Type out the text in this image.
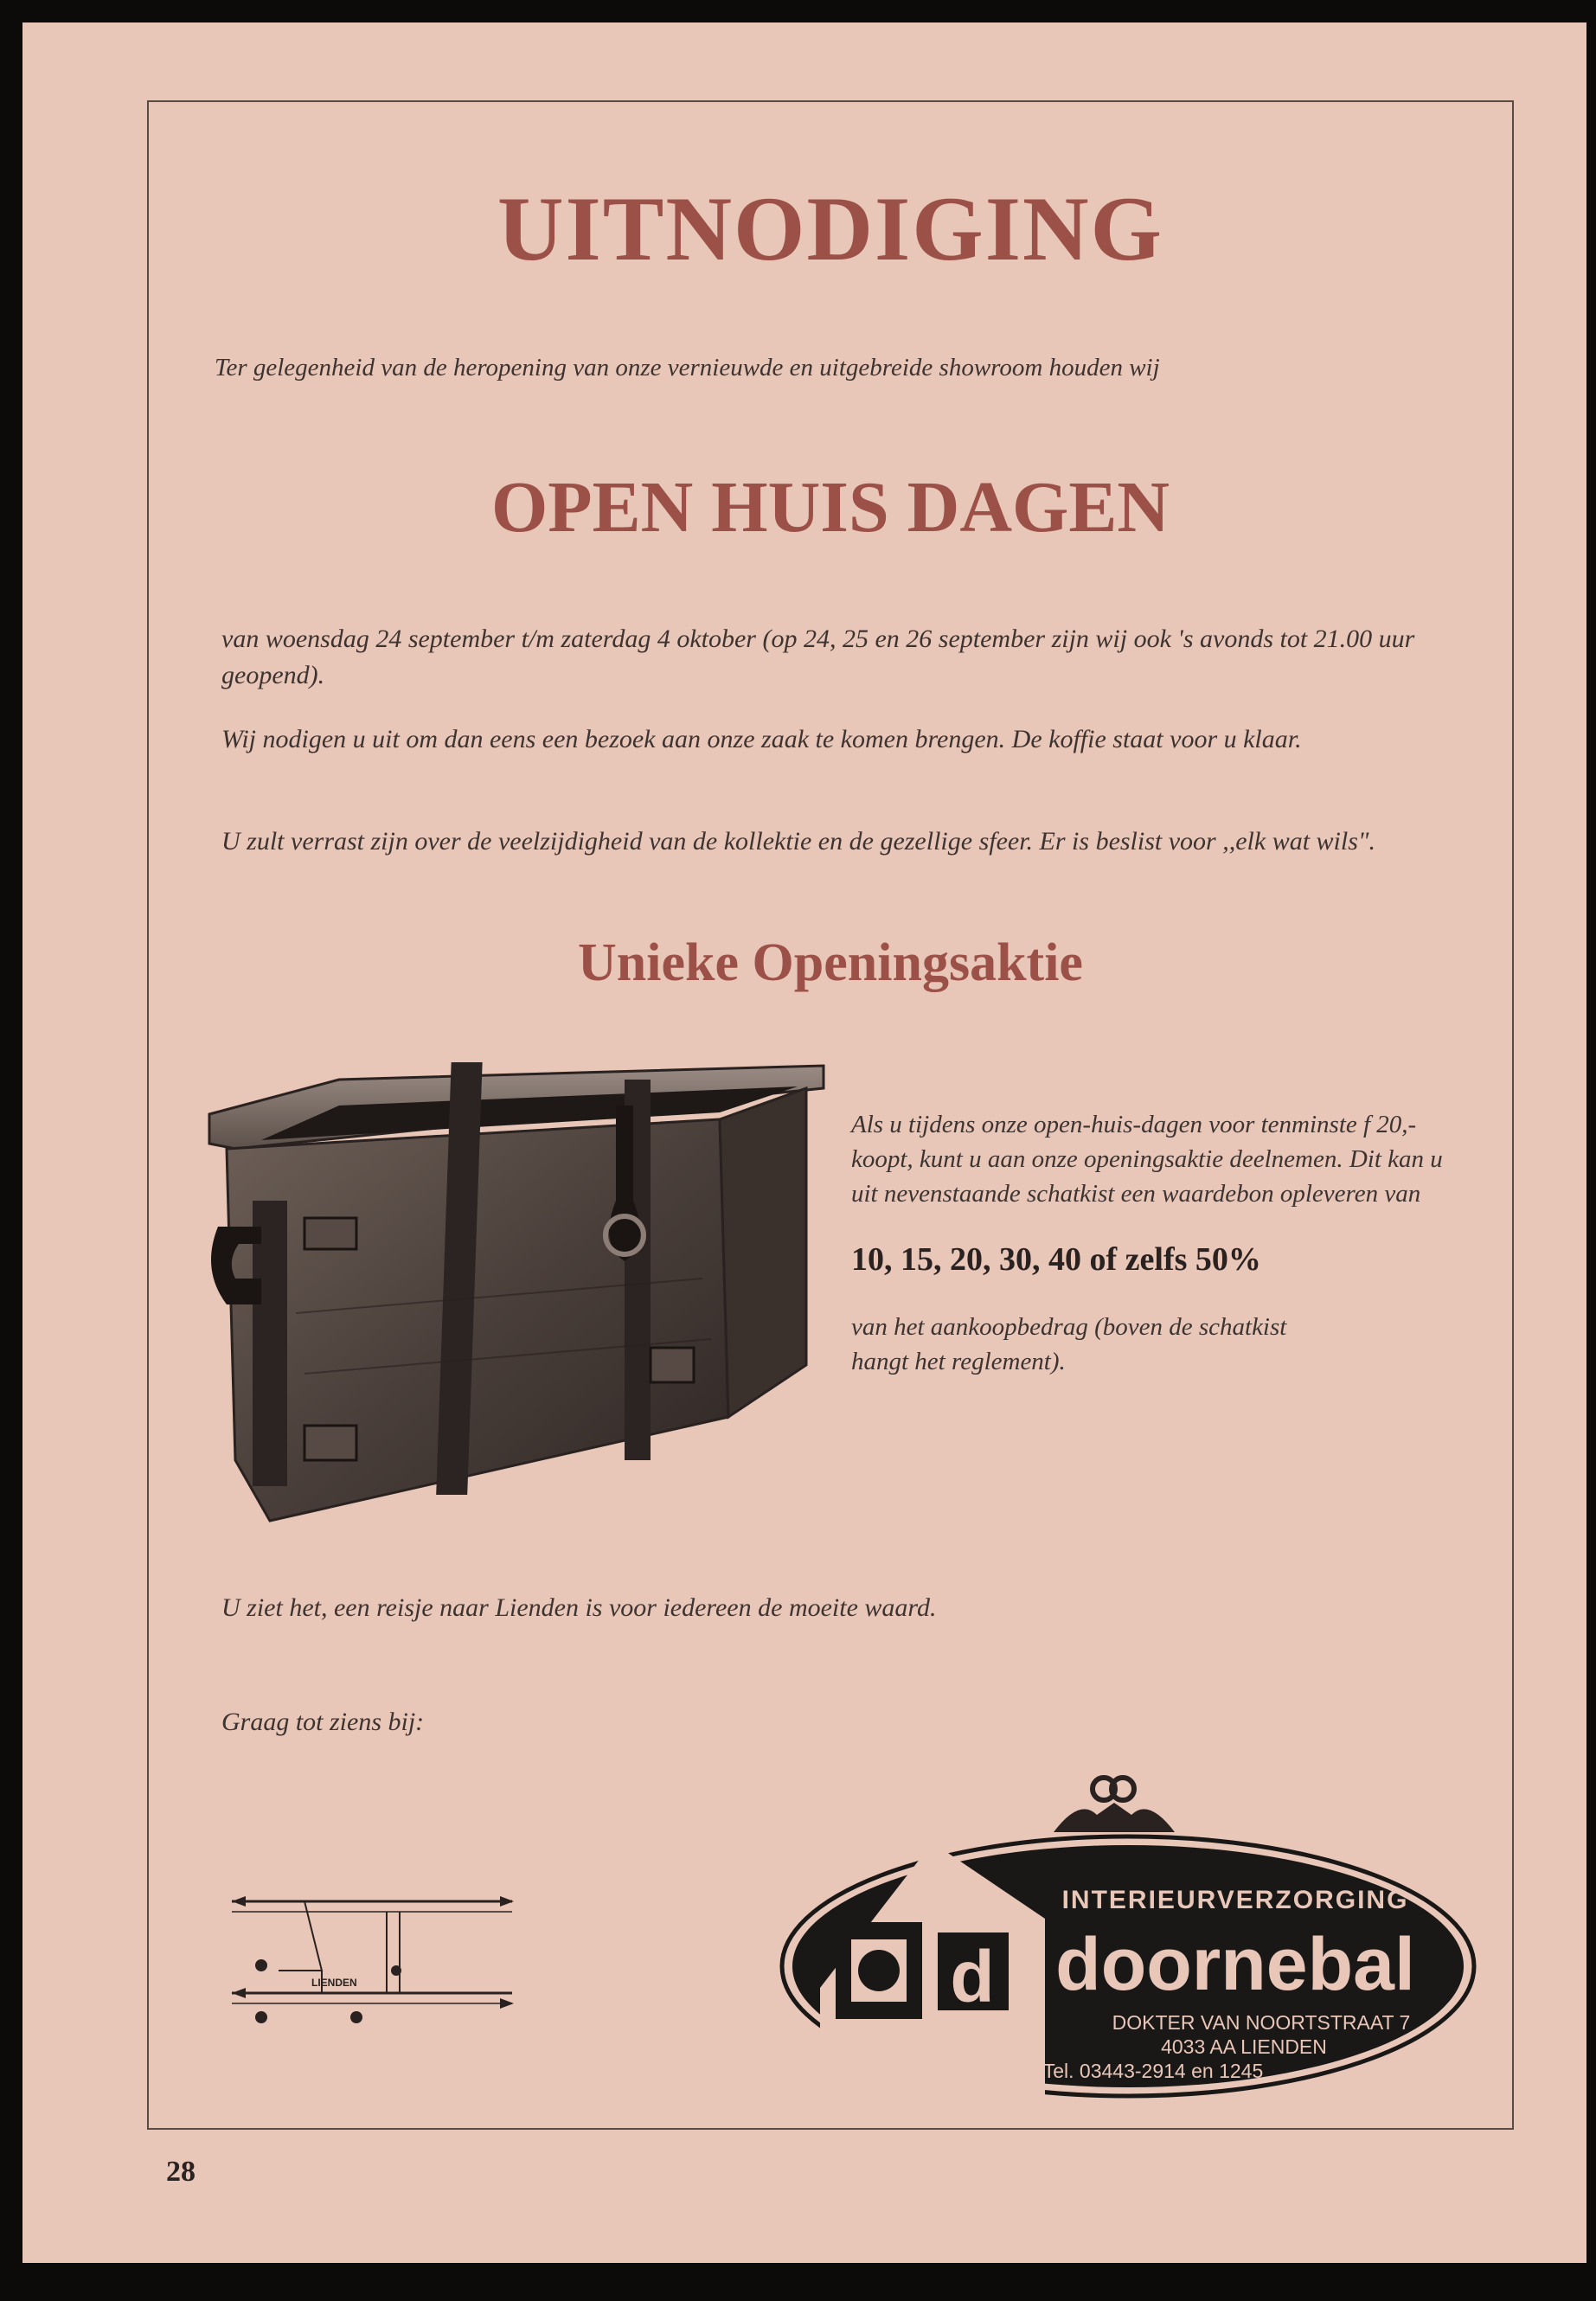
UITNODIGING

Ter gelegenheid van de heropening van onze vernieuwde en uitgebreide showroom houden wij

OPEN HUIS DAGEN

van woensdag 24 september t/m zaterdag 4 oktober (op 24, 25 en 26 september zijn wij ook 's avonds tot 21.00 uur geopend).

Wij nodigen u uit om dan eens een bezoek aan onze zaak te komen brengen. De koffie staat voor u klaar.

U zult verrast zijn over de veelzijdigheid van de kollektie en de gezellige sfeer. Er is beslist voor ,,elk wat wils".

Unieke Openingsaktie

Als u tijdens onze open-huis-dagen voor tenminste f 20,- koopt, kunt u aan onze openingsaktie deelnemen. Dit kan u uit nevenstaande schatkist een waardebon opleveren van

10, 15, 20, 30, 40 of zelfs 50%

van het aankoopbedrag (boven de schatkist hangt het reglement).

U ziet het, een reisje naar Lienden is voor iedereen de moeite waard.

Graag tot ziens bij:

LIENDEN	d
INTERIEURVERZORGING
doornebal
DOKTER VAN NOORTSTRAAT 7
4033 AA LIENDEN
Tel. 03443-2914 en 1245
28
